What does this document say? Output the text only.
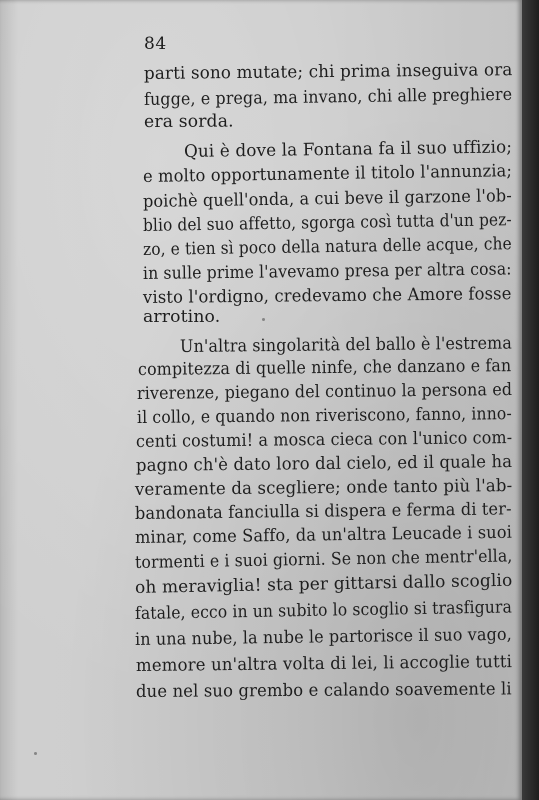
84
parti sono mutate; chi prima inseguiva ora
fugge, e prega, ma invano, chi alle preghiere
era sorda.
Qui è dove la Fontana fa il suo uffizio;
e molto opportunamente il titolo l'annunzia;
poichè quell'onda, a cui beve il garzone l'ob-
blio del suo affetto, sgorga così tutta d'un pez-
zo, e tien sì poco della natura delle acque, che
in sulle prime l'avevamo presa per altra cosa:
visto l'ordigno, credevamo che Amore fosse
arrotino.
Un'altra singolarità del ballo è l'estrema
compitezza di quelle ninfe, che danzano e fan
riverenze, piegano del continuo la persona ed
il collo, e quando non riveriscono, fanno, inno-
centi costumi! a mosca cieca con l'unico com-
pagno ch'è dato loro dal cielo, ed il quale ha
veramente da scegliere; onde tanto più l'ab-
bandonata fanciulla si dispera e ferma di ter-
minar, come Saffo, da un'altra Leucade i suoi
tormenti e i suoi giorni. Se non che mentr'ella,
oh meraviglia! sta per gittarsi dallo scoglio
fatale, ecco in un subito lo scoglio si trasfigura
in una nube, la nube le partorisce il suo vago,
memore un'altra volta di lei, li accoglie tutti
due nel suo grembo e calando soavemente li
